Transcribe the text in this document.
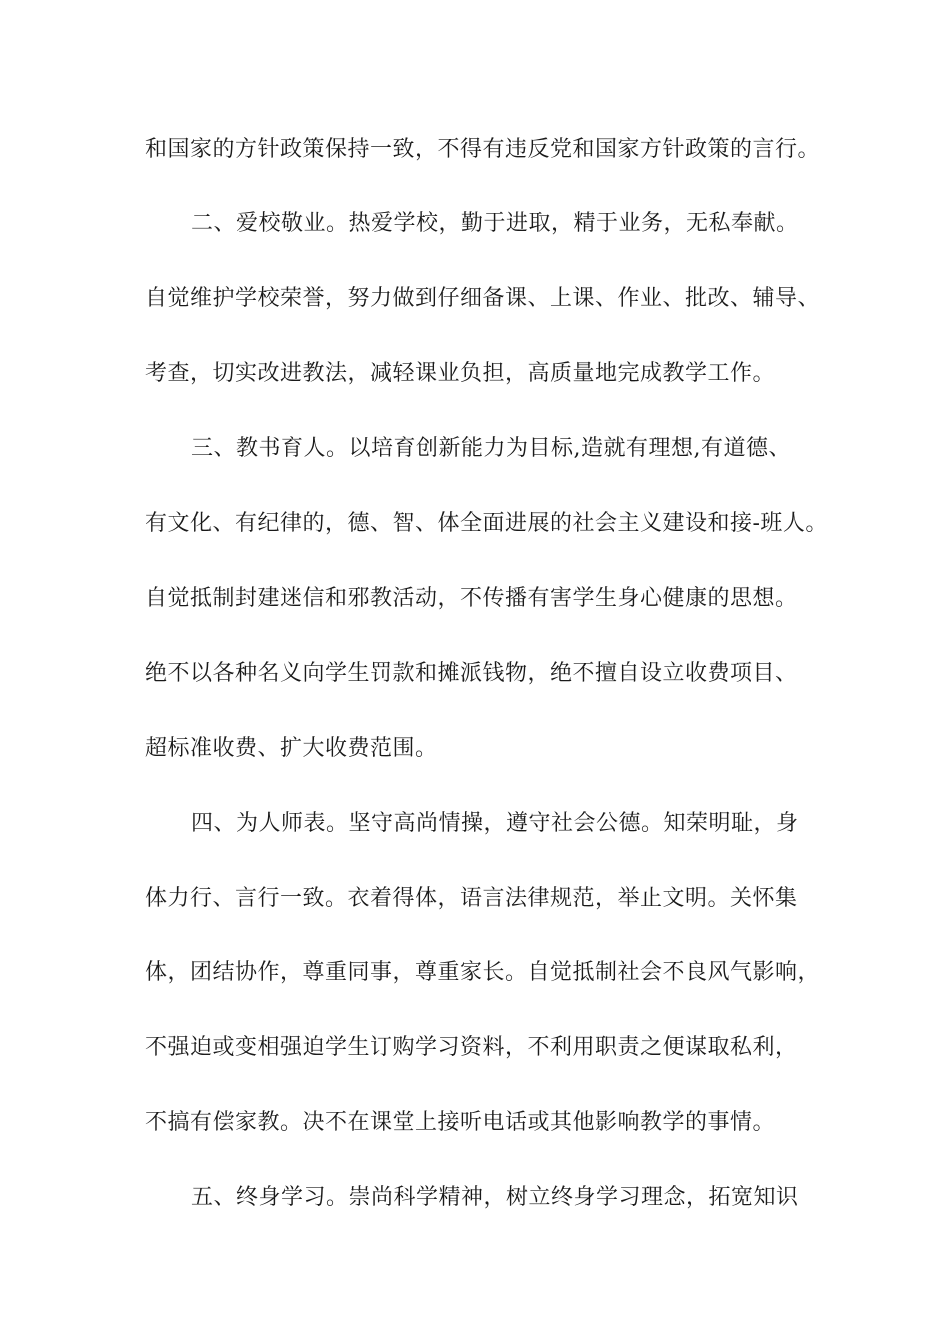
和国家的方针政策保持一致，不得有违反党和国家方针政策的言行。
二、爱校敬业。热爱学校，勤于进取，精于业务，无私奉献。
自觉维护学校荣誉，努力做到仔细备课、上课、作业、批改、辅导、
考查，切实改进教法，减轻课业负担，高质量地完成教学工作。
三、教书育人。以培育创新能力为目标,造就有理想,有道德、
有文化、有纪律的，德、智、体全面进展的社会主义建设和接-班人。
自觉抵制封建迷信和邪教活动，不传播有害学生身心健康的思想。
绝不以各种名义向学生罚款和摊派钱物，绝不擅自设立收费项目、
超标准收费、扩大收费范围。
四、为人师表。坚守高尚情操，遵守社会公德。知荣明耻，身
体力行、言行一致。衣着得体，语言法律规范，举止文明。关怀集
体，团结协作，尊重同事，尊重家长。自觉抵制社会不良风气影响，
不强迫或变相强迫学生订购学习资料，不利用职责之便谋取私利，
不搞有偿家教。决不在课堂上接听电话或其他影响教学的事情。
五、终身学习。崇尚科学精神，树立终身学习理念，拓宽知识
